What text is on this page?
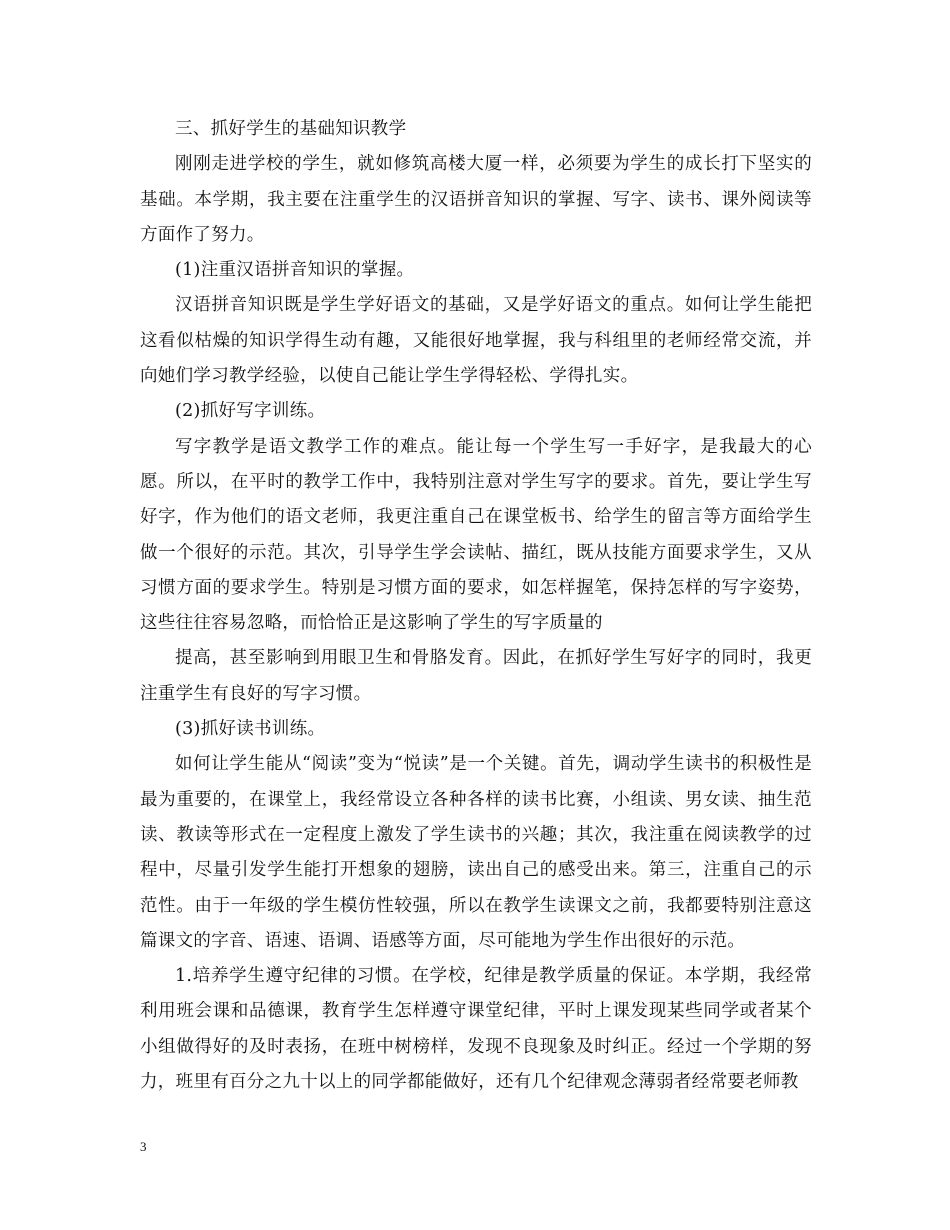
三、抓好学生的基础知识教学

刚刚走进学校的学生，就如修筑高楼大厦一样，必须要为学生的成长打下坚实的基础。本学期，我主要在注重学生的汉语拼音知识的掌握、写字、读书、课外阅读等方面作了努力。

(1)注重汉语拼音知识的掌握。

汉语拼音知识既是学生学好语文的基础，又是学好语文的重点。如何让学生能把这看似枯燥的知识学得生动有趣，又能很好地掌握，我与科组里的老师经常交流，并向她们学习教学经验，以使自己能让学生学得轻松、学得扎实。

(2)抓好写字训练。

写字教学是语文教学工作的难点。能让每一个学生写一手好字，是我最大的心愿。所以，在平时的教学工作中，我特别注意对学生写字的要求。首先，要让学生写好字，作为他们的语文老师，我更注重自己在课堂板书、给学生的留言等方面给学生做一个很好的示范。其次，引导学生学会读帖、描红，既从技能方面要求学生，又从习惯方面的要求学生。特别是习惯方面的要求，如怎样握笔，保持怎样的写字姿势，这些往往容易忽略，而恰恰正是这影响了学生的写字质量的

提高，甚至影响到用眼卫生和骨胳发育。因此，在抓好学生写好字的同时，我更注重学生有良好的写字习惯。

(3)抓好读书训练。

如何让学生能从“阅读”变为“悦读”是一个关键。首先，调动学生读书的积极性是最为重要的，在课堂上，我经常设立各种各样的读书比赛，小组读、男女读、抽生范读、教读等形式在一定程度上激发了学生读书的兴趣；其次，我注重在阅读教学的过程中，尽量引发学生能打开想象的翅膀，读出自己的感受出来。第三，注重自己的示范性。由于一年级的学生模仿性较强，所以在教学生读课文之前，我都要特别注意这篇课文的字音、语速、语调、语感等方面，尽可能地为学生作出很好的示范。

1.培养学生遵守纪律的习惯。在学校，纪律是教学质量的保证。本学期，我经常利用班会课和品德课，教育学生怎样遵守课堂纪律，平时上课发现某些同学或者某个小组做得好的及时表扬，在班中树榜样，发现不良现象及时纠正。经过一个学期的努力，班里有百分之九十以上的同学都能做好，还有几个纪律观念薄弱者经常要老师教

3
